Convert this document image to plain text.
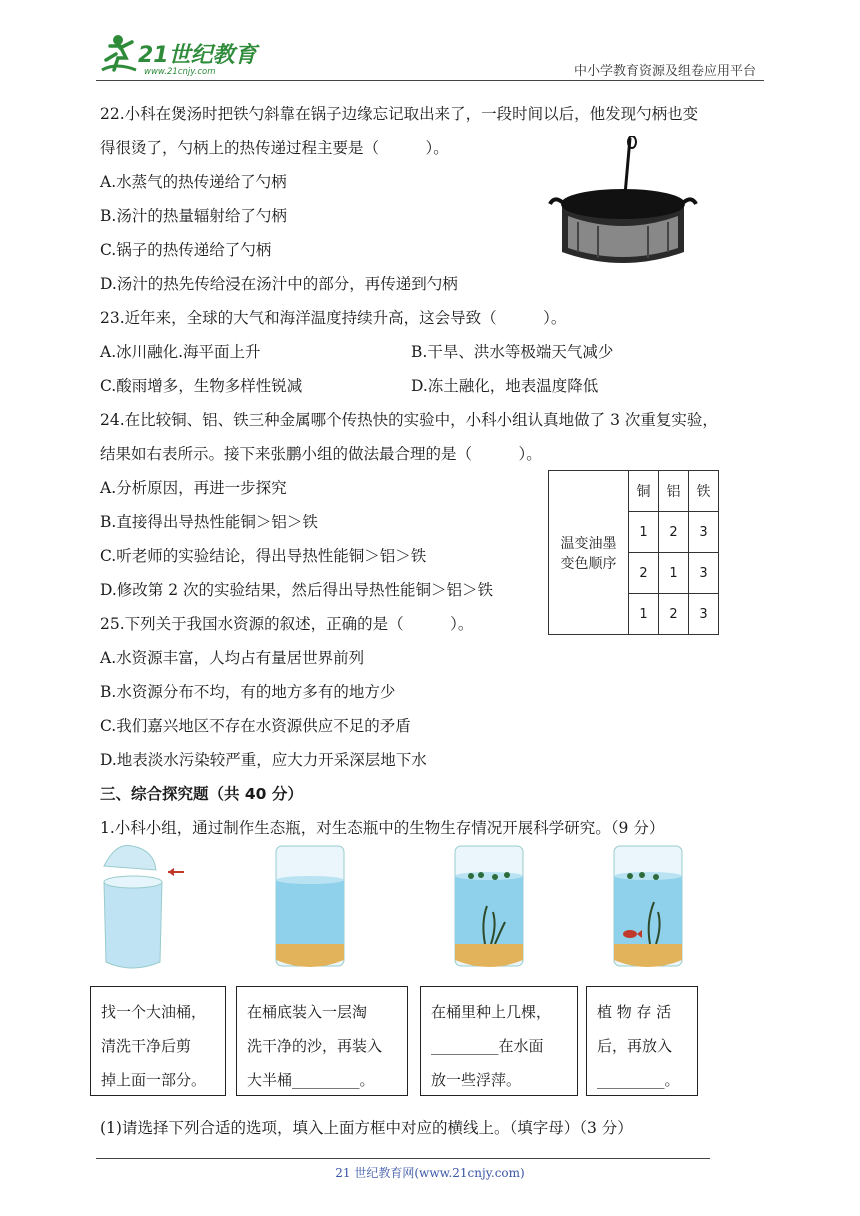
21世纪教育
www.21cnjy.com	中小学教育资源及组卷应用平台
22.小科在煲汤时把铁勺斜靠在锅子边缘忘记取出来了，一段时间以后，他发现勺柄也变
得很烫了，勺柄上的热传递过程主要是（　　　）。
A.水蒸气的热传递给了勺柄
B.汤汁的热量辐射给了勺柄
C.锅子的热传递给了勺柄
D.汤汁的热先传给浸在汤汁中的部分，再传递到勺柄
23.近年来，全球的大气和海洋温度持续升高，这会导致（　　　）。
A.冰川融化.海平面上升	B.干旱、洪水等极端天气减少
C.酸雨增多，生物多样性锐减	D.冻土融化，地表温度降低
24.在比较铜、铝、铁三种金属哪个传热快的实验中，小科小组认真地做了 3 次重复实验，
结果如右表所示。接下来张鹏小组的做法最合理的是（　　　）。
A.分析原因，再进一步探究
B.直接得出导热性能铜＞铝＞铁
C.听老师的实验结论，得出导热性能铜＞铝＞铁
D.修改第 2 次的实验结果，然后得出导热性能铜＞铝＞铁
	铜	铝	铁
温变油墨	1	2	3
变色顺序	2	1	3
	1	2	3
25.下列关于我国水资源的叙述，正确的是（　　　）。
A.水资源丰富，人均占有量居世界前列
B.水资源分布不均，有的地方多有的地方少
C.我们嘉兴地区不存在水资源供应不足的矛盾
D.地表淡水污染较严重，应大力开采深层地下水
三、综合探究题（共 40 分）
1.小科小组，通过制作生态瓶，对生态瓶中的生物生存情况开展科学研究。（9 分）
找一个大油桶，
清洗干净后剪
掉上面一部分。
在桶底装入一层淘
洗干净的沙，再装入
大半桶_________。
在桶里种上几棵，
_________在水面
放一些浮萍。
植 物 存 活
后，再放入
_________。
(1)请选择下列合适的选项，填入上面方框中对应的横线上。（填字母）（3 分）
21 世纪教育网(www.21cnjy.com)
